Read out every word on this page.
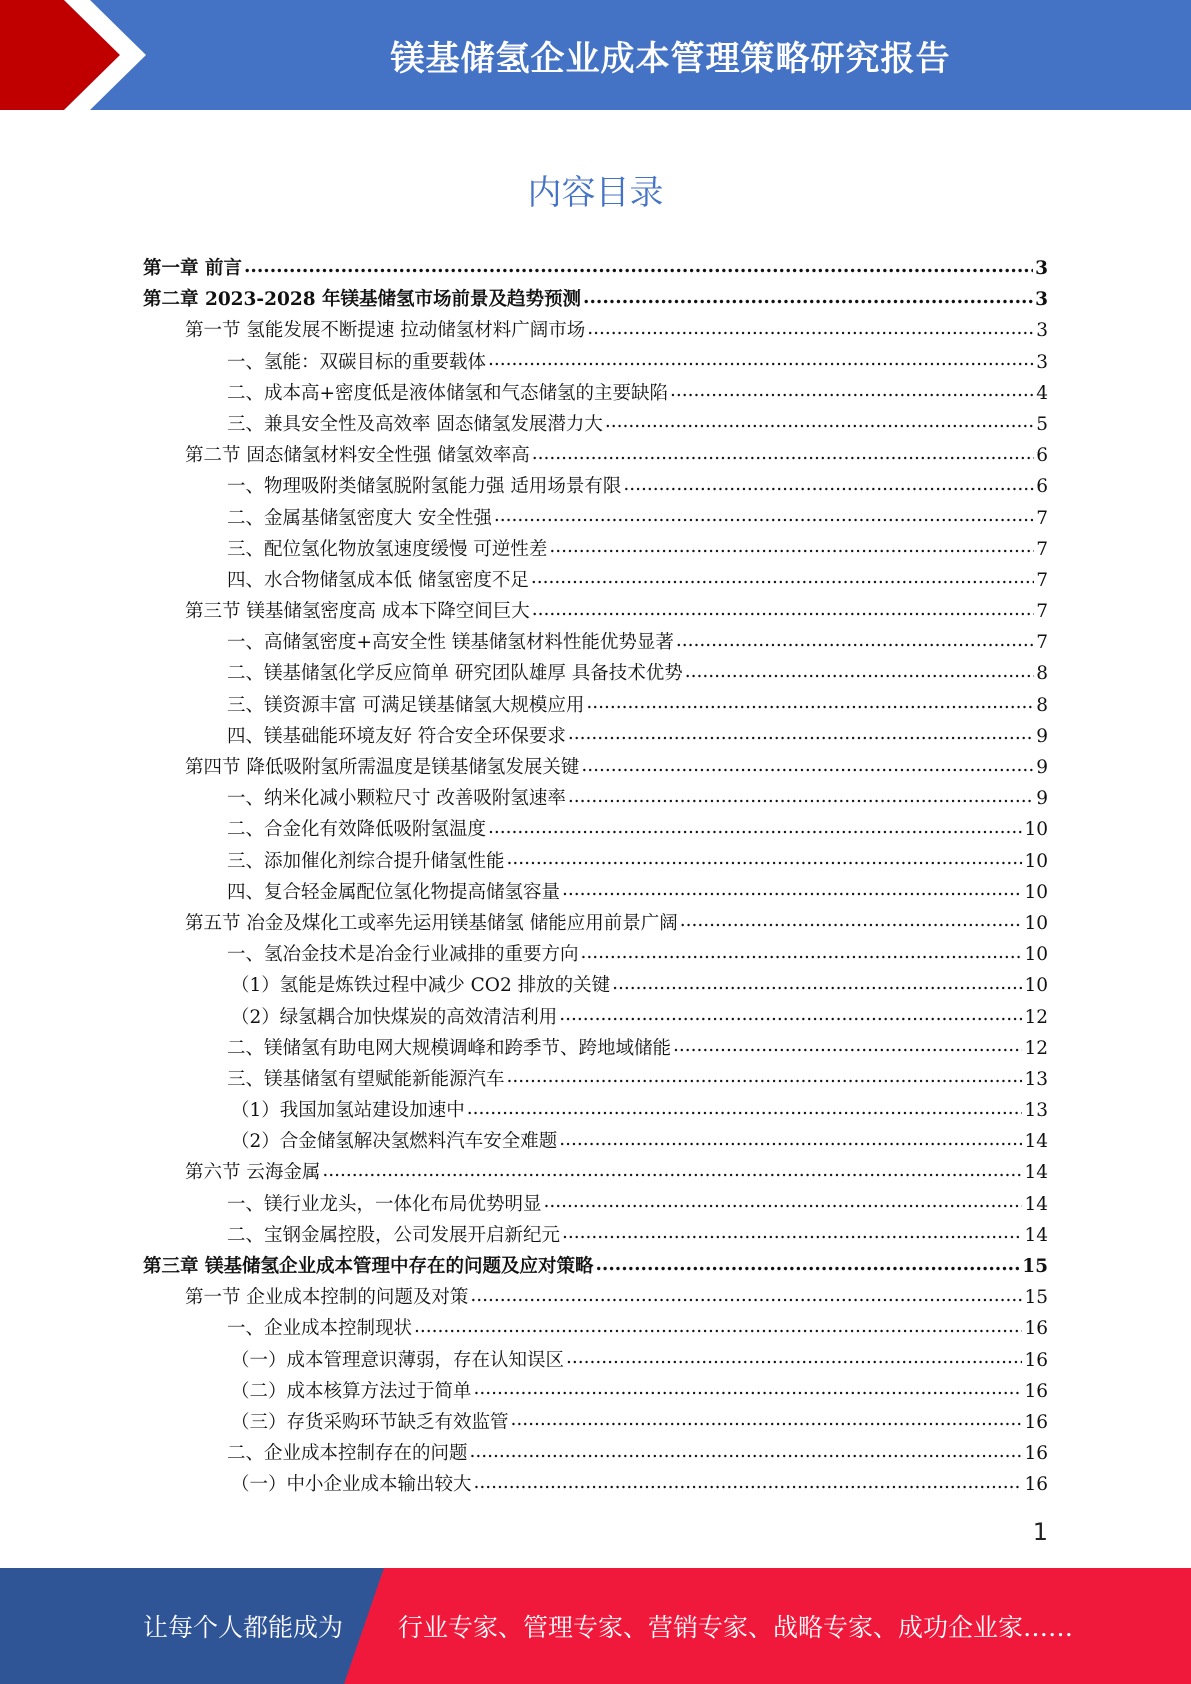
镁基储氢企业成本管理策略研究报告
内容目录
第一章 前言 .....	3
第二章 2023-2028 年镁基储氢市场前景及趋势预测 .....	3
第一节 氢能发展不断提速 拉动储氢材料广阔市场 .....	3
一、氢能：双碳目标的重要载体 .....	3
二、成本高+密度低是液体储氢和气态储氢的主要缺陷 .....	4
三、兼具安全性及高效率 固态储氢发展潜力大 .....	5
第二节 固态储氢材料安全性强 储氢效率高 .....	6
一、物理吸附类储氢脱附氢能力强 适用场景有限 .....	6
二、金属基储氢密度大 安全性强 .....	7
三、配位氢化物放氢速度缓慢 可逆性差 .....	7
四、水合物储氢成本低 储氢密度不足 .....	7
第三节 镁基储氢密度高 成本下降空间巨大 .....	7
一、高储氢密度+高安全性 镁基储氢材料性能优势显著 .....	7
二、镁基储氢化学反应简单 研究团队雄厚 具备技术优势 .....	8
三、镁资源丰富 可满足镁基储氢大规模应用 .....	8
四、镁基础能环境友好 符合安全环保要求 .....	9
第四节 降低吸附氢所需温度是镁基储氢发展关键 .....	9
一、纳米化减小颗粒尺寸 改善吸附氢速率 .....	9
二、合金化有效降低吸附氢温度 .....	10
三、添加催化剂综合提升储氢性能 .....	10
四、复合轻金属配位氢化物提高储氢容量 .....	10
第五节 冶金及煤化工或率先运用镁基储氢 储能应用前景广阔 .....	10
一、氢冶金技术是冶金行业减排的重要方向 .....	10
（1）氢能是炼铁过程中减少 CO2 排放的关键 .....	10
（2）绿氢耦合加快煤炭的高效清洁利用 .....	12
二、镁储氢有助电网大规模调峰和跨季节、跨地域储能 .....	12
三、镁基储氢有望赋能新能源汽车 .....	13
（1）我国加氢站建设加速中 .....	13
（2）合金储氢解决氢燃料汽车安全难题 .....	14
第六节 云海金属 .....	14
一、镁行业龙头，一体化布局优势明显 .....	14
二、宝钢金属控股，公司发展开启新纪元 .....	14
第三章 镁基储氢企业成本管理中存在的问题及应对策略 .....	15
第一节 企业成本控制的问题及对策 .....	15
一、企业成本控制现状 .....	16
（一）成本管理意识薄弱，存在认知误区 .....	16
（二）成本核算方法过于简单 .....	16
（三）存货采购环节缺乏有效监管 .....	16
二、企业成本控制存在的问题 .....	16
（一）中小企业成本输出较大 .....	16
1
让每个人都能成为 行业专家、管理专家、营销专家、战略专家、成功企业家……
